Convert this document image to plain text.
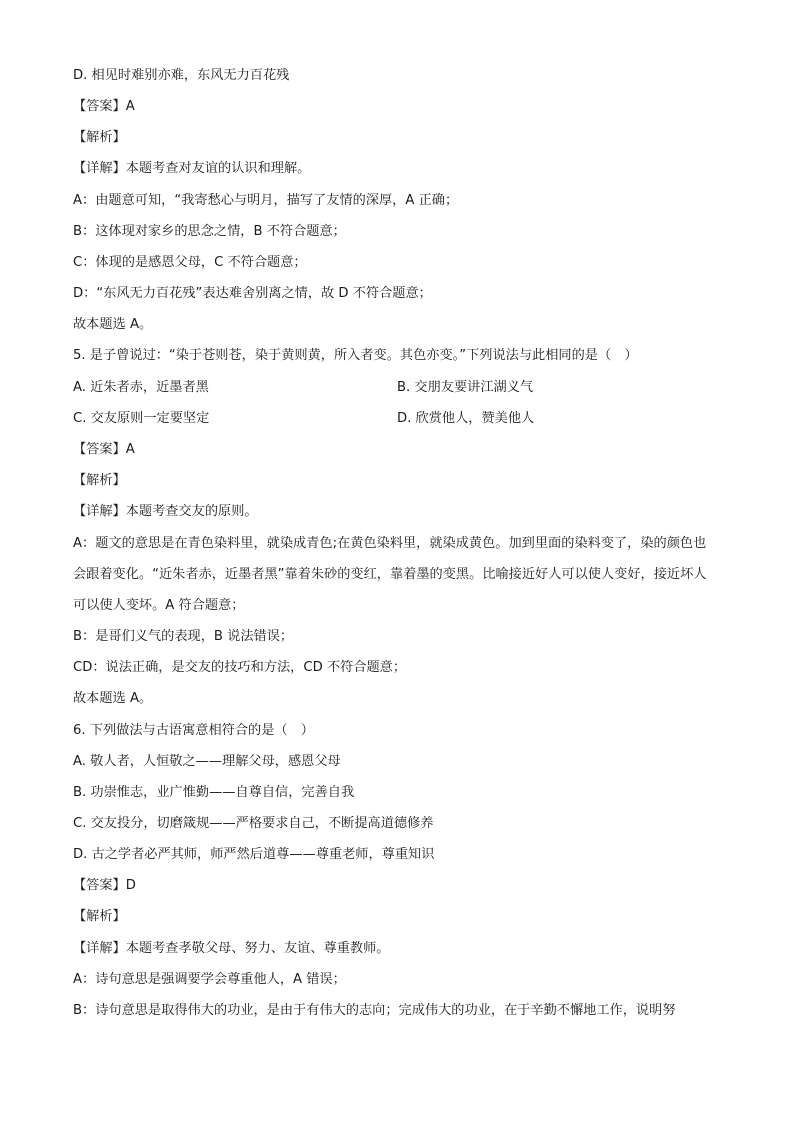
D. 相见时难别亦难，东风无力百花残
【答案】A
【解析】
【详解】本题考查对友谊的认识和理解。
A：由题意可知，“我寄愁心与明月，描写了友情的深厚，A 正确；
B：这体现对家乡的思念之情，B 不符合题意；
C：体现的是感恩父母，C 不符合题意；
D：“东风无力百花残”表达难舍别离之情，故 D 不符合题意；
故本题选 A。
5. 是子曾说过：“染于苍则苍，染于黄则黄，所入者变。其色亦变。”下列说法与此相同的是（　）
A. 近朱者赤，近墨者黑	B. 交朋友要讲江湖义气
C. 交友原则一定要坚定	D. 欣赏他人，赞美他人
【答案】A
【解析】
【详解】本题考查交友的原则。
A：题文的意思是在青色染料里，就染成青色;在黄色染料里，就染成黄色。加到里面的染料变了，染的颜色也会跟着变化。“近朱者赤，近墨者黑”靠着朱砂的变红，靠着墨的变黑。比喻接近好人可以使人变好，接近坏人可以使人变坏。A 符合题意；
B：是哥们义气的表现，B 说法错误；
CD：说法正确，是交友的技巧和方法，CD 不符合题意；
故本题选 A。
6. 下列做法与古语寓意相符合的是（　）
A. 敬人者，人恒敬之——理解父母，感恩父母
B. 功崇惟志，业广惟勤——自尊自信，完善自我
C. 交友投分，切磨箴规——严格要求自己，不断提高道德修养
D. 古之学者必严其师，师严然后道尊——尊重老师，尊重知识
【答案】D
【解析】
【详解】本题考查孝敬父母、努力、友谊、尊重教师。
A：诗句意思是强调要学会尊重他人，A 错误；
B：诗句意思是取得伟大的功业，是由于有伟大的志向；完成伟大的功业，在于辛勤不懈地工作，说明努
